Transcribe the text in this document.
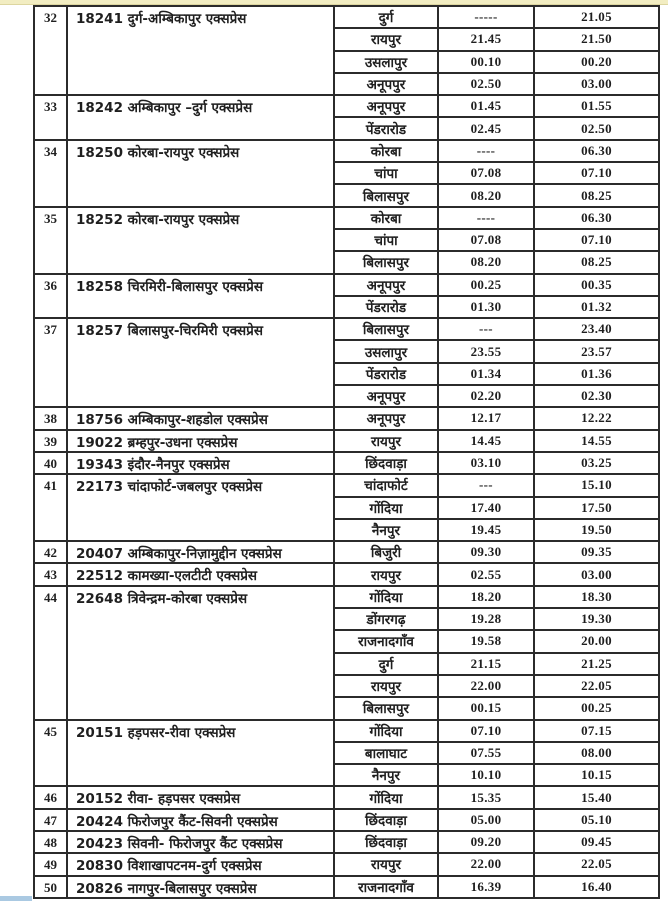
32	18241 दुर्ग-अम्बिकापुर एक्सप्रेस	दुर्ग	-----	21.05
		रायपुर	21.45	21.50
		उसलापुर	00.10	00.20
		अनूपपुर	02.50	03.00
33	18242 अम्बिकापुर –दुर्ग एक्सप्रेस	अनूपपुर	01.45	01.55
		पेंडरारोड	02.45	02.50
34	18250 कोरबा-रायपुर एक्सप्रेस	कोरबा	----	06.30
		चांपा	07.08	07.10
		बिलासपुर	08.20	08.25
35	18252 कोरबा-रायपुर एक्सप्रेस	कोरबा	----	06.30
		चांपा	07.08	07.10
		बिलासपुर	08.20	08.25
36	18258 चिरमिरी-बिलासपुर एक्सप्रेस	अनूपपुर	00.25	00.35
		पेंडरारोड	01.30	01.32
37	18257 बिलासपुर-चिरमिरी एक्सप्रेस	बिलासपुर	---	23.40
		उसलापुर	23.55	23.57
		पेंडरारोड	01.34	01.36
		अनूपपुर	02.20	02.30
38	18756 अम्बिकापुर-शहडोल एक्सप्रेस	अनूपपुर	12.17	12.22
39	19022 ब्रम्हपुर-उधना एक्सप्रेस	रायपुर	14.45	14.55
40	19343 इंदौर-नैनपुर एक्सप्रेस	छिंदवाड़ा	03.10	03.25
41	22173 चांदाफोर्ट-जबलपुर एक्सप्रेस	चांदाफोर्ट	---	15.10
		गोंदिया	17.40	17.50
		नैनपुर	19.45	19.50
42	20407 अम्बिकापुर-निज़ामुद्दीन एक्सप्रेस	बिजुरी	09.30	09.35
43	22512 कामख्या-एलटीटी एक्सप्रेस	रायपुर	02.55	03.00
44	22648 त्रिवेन्द्रम-कोरबा एक्सप्रेस	गोंदिया	18.20	18.30
		डोंगरगढ़	19.28	19.30
		राजनादगाँव	19.58	20.00
		दुर्ग	21.15	21.25
		रायपुर	22.00	22.05
		बिलासपुर	00.15	00.25
45	20151 हड़पसर-रीवा एक्सप्रेस	गोंदिया	07.10	07.15
		बालाघाट	07.55	08.00
		नैनपुर	10.10	10.15
46	20152 रीवा- हड़पसर एक्सप्रेस	गोंदिया	15.35	15.40
47	20424 फिरोजपुर कैंट-सिवनी एक्सप्रेस	छिंदवाड़ा	05.00	05.10
48	20423 सिवनी- फिरोजपुर कैंट एक्सप्रेस	छिंदवाड़ा	09.20	09.45
49	20830 विशाखापटनम-दुर्ग एक्सप्रेस	रायपुर	22.00	22.05
50	20826 नागपुर-बिलासपुर एक्सप्रेस	राजनादगाँव	16.39	16.40
